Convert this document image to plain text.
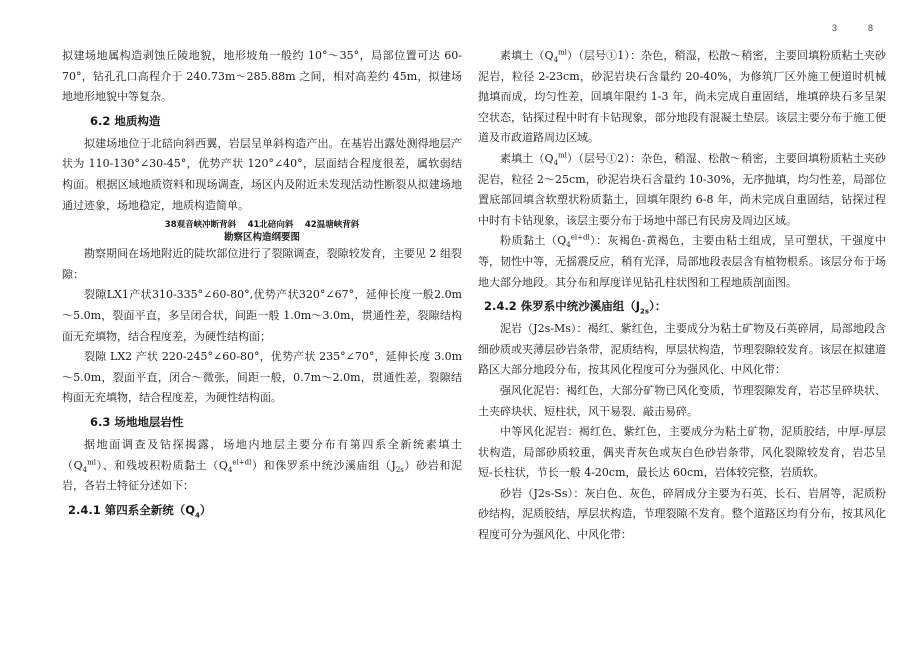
3	8

拟建场地属构造剥蚀丘陵地貌，地形坡角一般约 10°～35°，局部位置可达 60-70°，钻孔孔口高程介于 240.73m～285.88m 之间，相对高差约 45m，拟建场地地形地貌中等复杂。

6.2 地质构造

拟建场地位于北碚向斜西翼，岩层呈单斜构造产出。在基岩出露处测得地层产状为 110-130°∠30-45°，优势产状 120°∠40°，层面结合程度很差，属软弱结构面。根据区域地质资料和现场调查，场区内及附近未发现活动性断裂从拟建场地通过迹象，场地稳定，地质构造简单。

38观音峡冲断背斜　 41北碚向斜　 42温塘峡背斜
勘察区构造纲要图

勘察期间在场地附近的陡坎部位进行了裂隙调查，裂隙较发育，主要见 2 组裂隙：

裂隙LX1产状310-335°∠60-80°,优势产状320°∠67°，延伸长度一般2.0m～5.0m，裂面平直，多呈闭合状，间距一般 1.0m～3.0m，贯通性差，裂隙结构面无充填物，结合程度差，为硬性结构面；

裂隙 LX2 产状 220-245°∠60-80°，优势产状 235°∠70°，延伸长度 3.0m～5.0m，裂面平直，闭合～微张，间距一般，0.7m～2.0m，贯通性差，裂隙结构面无充填物，结合程度差，为硬性结构面。

6.3 场地地层岩性

据地面调查及钻探揭露，场地内地层主要分布有第四系全新统素填土$(Q_4^{ml})$、和残坡积粉质黏土$(Q_4^{el+dl})$和侏罗系中统沙溪庙组$(J_{2s})$砂岩和泥岩，各岩土特征分述如下：

2.4.1 第四系全新统$(Q_4)$

素填土$(Q_4^{ml})$（层号①1）：杂色，稍湿，松散～稍密，主要回填粉质粘土夹砂泥岩，粒径 2-23cm，砂泥岩块石含量约 20-40%，为修筑厂区外施工便道时机械抛填而成，均匀性差，回填年限约 1-3 年，尚未完成自重固结，堆填碎块石多呈架空状态，钻探过程中时有卡钻现象，部分地段有混凝土垫层。该层主要分布于施工便道及市政道路周边区域。

素填土$(Q_4^{ml})$（层号①2）：杂色，稍湿、松散～稍密，主要回填粉质粘土夹砂泥岩，粒径 2～25cm，砂泥岩块石含量约 10-30%，无序抛填，均匀性差，局部位置底部回填含软塑状粉质黏土，回填年限约 6-8 年，尚未完成自重固结，钻探过程中时有卡钻现象，该层主要分布于场地中部已有民房及周边区域。

粉质黏土$(Q_4^{el+dl})$：灰褐色-黄褐色，主要由粘土组成，呈可塑状，干强度中等，韧性中等，无摇震反应，稍有光泽，局部地段表层含有植物根系。该层分布于场地大部分地段。其分布和厚度详见钻孔柱状图和工程地质剖面图。

2.4.2 侏罗系中统沙溪庙组$(J_{2s})$：

泥岩（J2s-Ms）：褐红、紫红色，主要成分为粘土矿物及石英碎屑，局部地段含细砂质或夹薄层砂岩条带，泥质结构，厚层状构造，节理裂隙较发育。该层在拟建道路区大部分地段分布，按其风化程度可分为强风化、中风化带：

强风化泥岩：褐红色，大部分矿物已风化变质，节理裂隙发育，岩芯呈碎块状、土夹碎块状、短柱状，风干易裂、敲击易碎。

中等风化泥岩：褐红色、紫红色，主要成分为粘土矿物，泥质胶结，中厚-厚层状构造，局部砂质较重，偶夹青灰色或灰白色砂岩条带，风化裂隙较发育，岩芯呈短-长柱状，节长一般 4-20cm，最长达 60cm，岩体较完整，岩质软。

砂岩（J2s-Ss）：灰白色、灰色，碎屑成分主要为石英、长石、岩屑等，泥质粉砂结构，泥质胶结，厚层状构造，节理裂隙不发育。整个道路区均有分布，按其风化程度可分为强风化、中风化带：
